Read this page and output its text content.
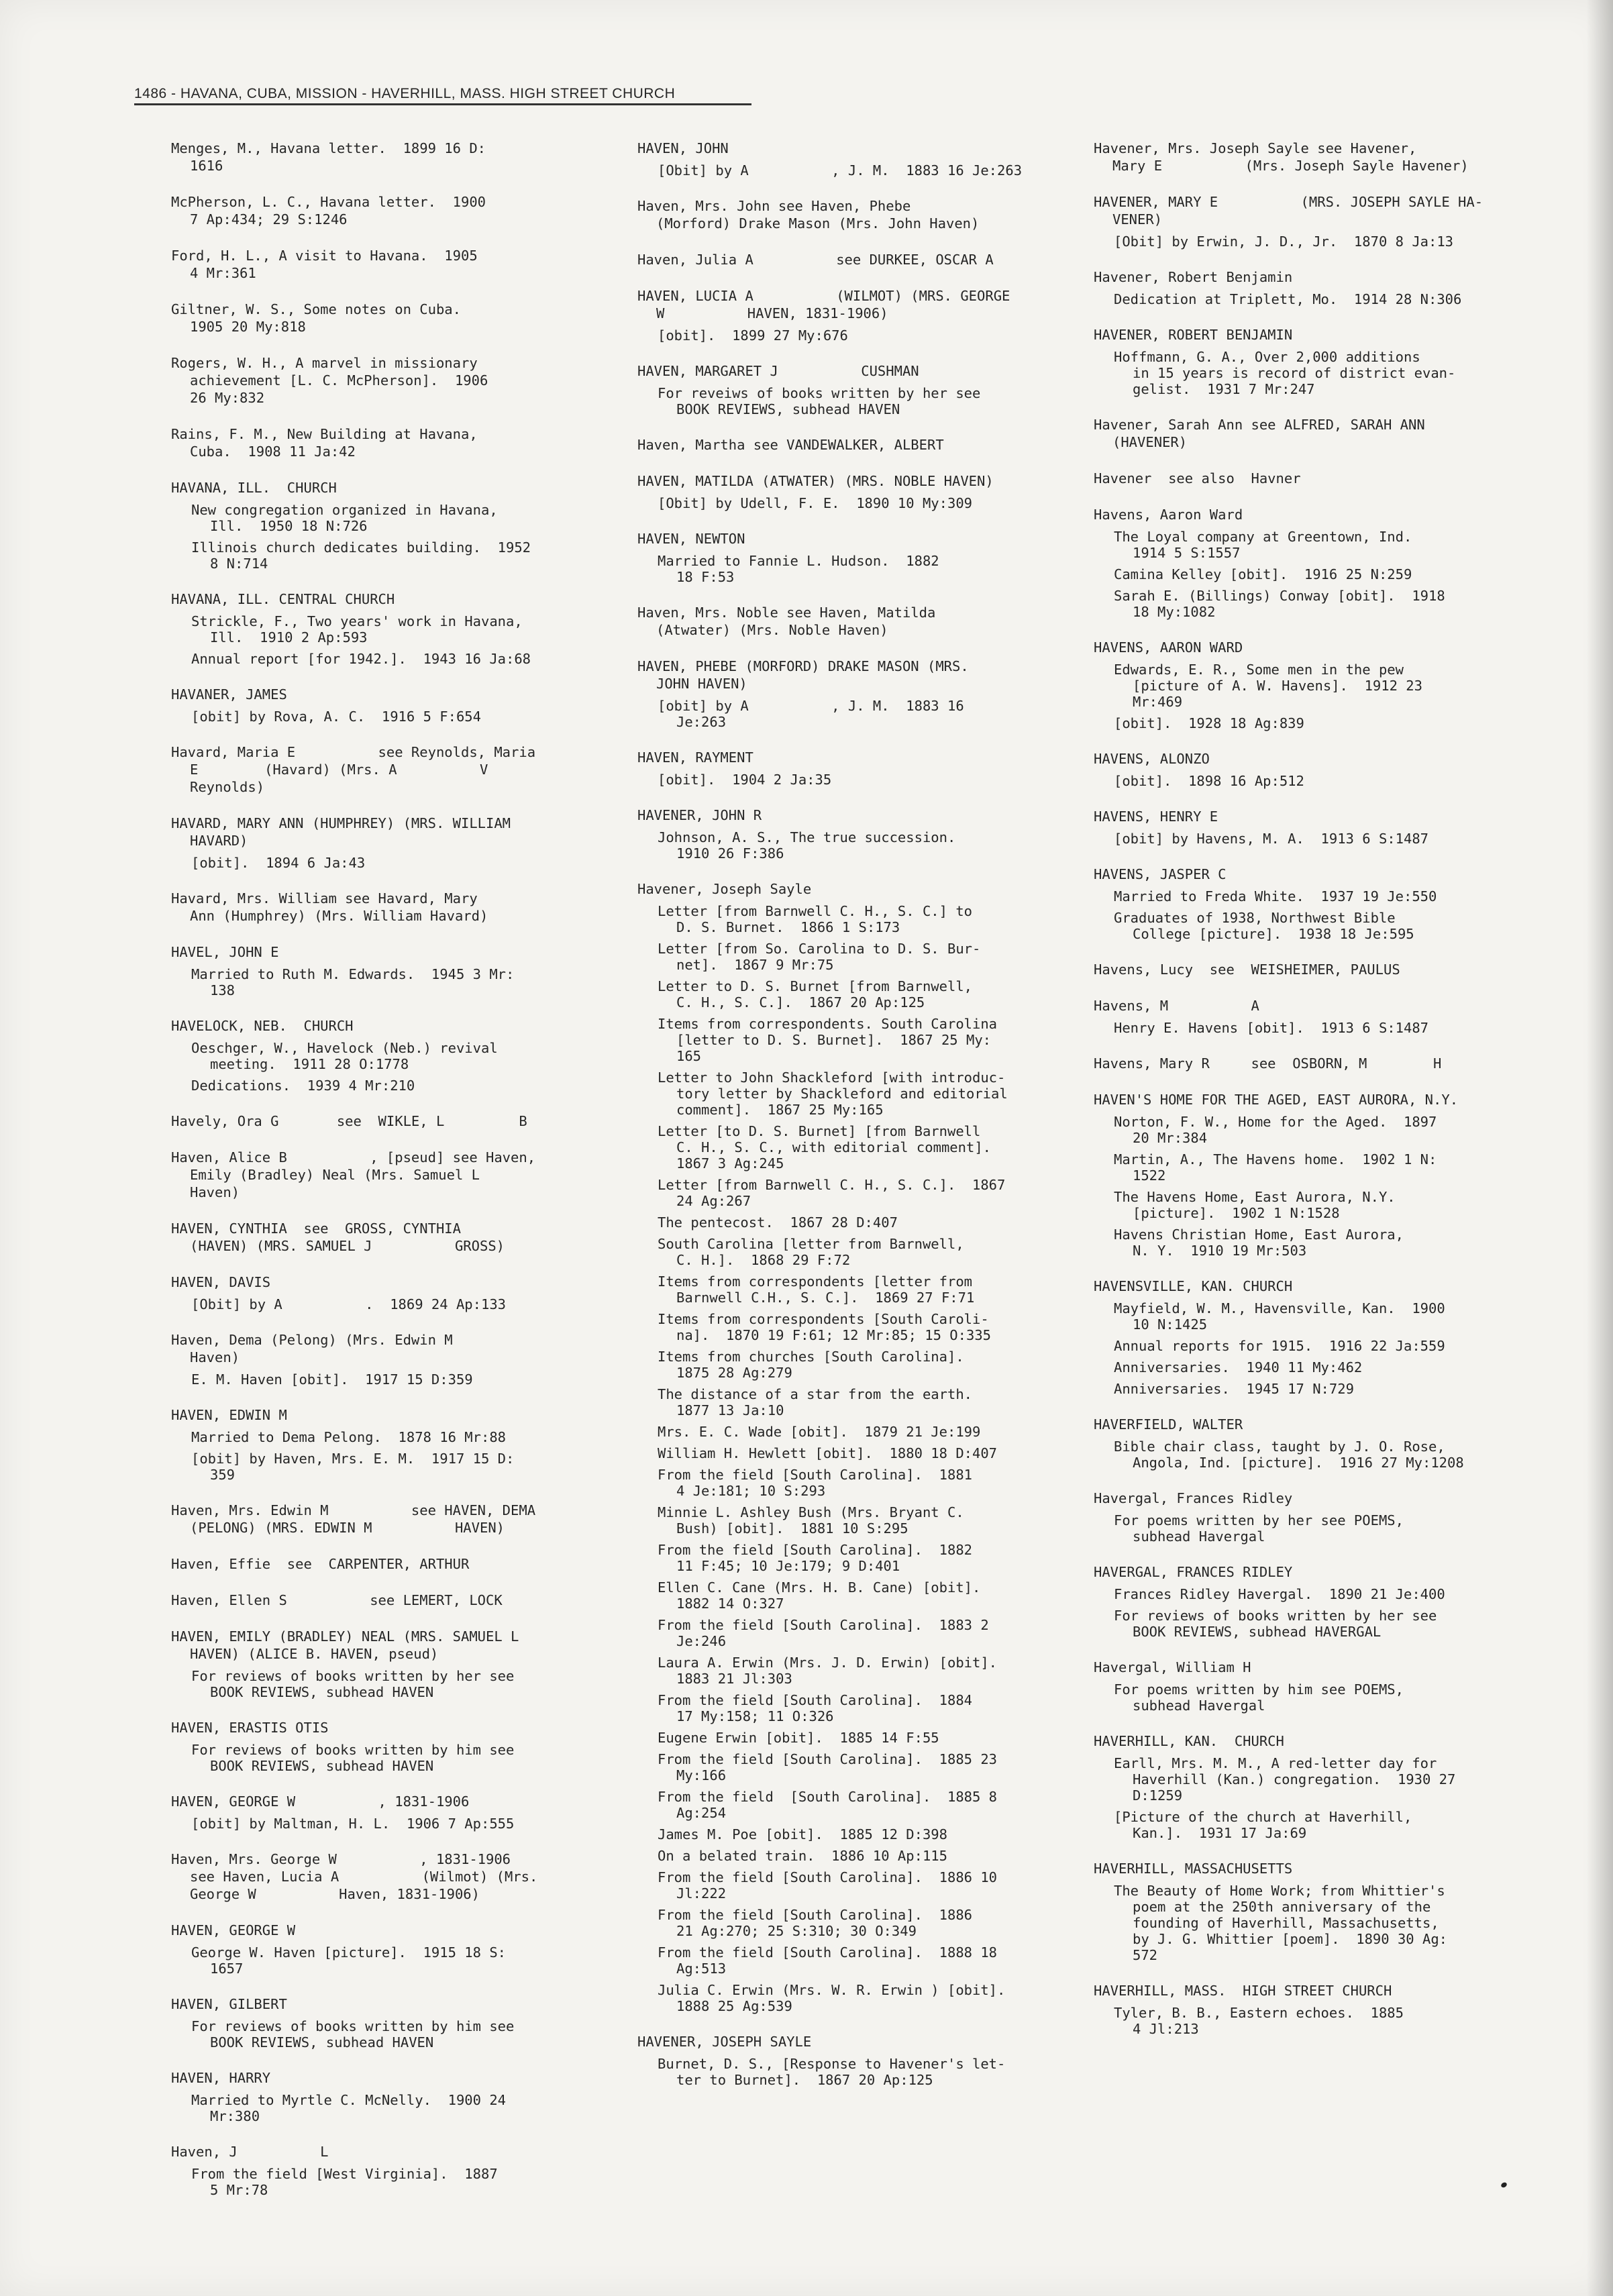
1486 - HAVANA, CUBA, MISSION - HAVERHILL, MASS. HIGH STREET CHURCH
Menges, M., Havana letter.  1899 16 D:

1616
McPherson, L. C., Havana letter.  1900

7 Ap:434; 29 S:1246
Ford, H. L., A visit to Havana.  1905

4 Mr:361
Giltner, W. S., Some notes on Cuba.

1905 20 My:818
Rogers, W. H., A marvel in missionary

achievement [L. C. McPherson].  1906
26 My:832
Rains, F. M., New Building at Havana,

Cuba.  1908 11 Ja:42
HAVANA, ILL.  CHURCH
New congregation organized in Havana,

Ill.  1950 18 N:726
Illinois church dedicates building.  1952

8 N:714
HAVANA, ILL. CENTRAL CHURCH
Strickle, F., Two years' work in Havana,

Ill.  1910 2 Ap:593
Annual report [for 1942.].  1943 16 Ja:68
HAVANER, JAMES
[obit] by Rova, A. C.  1916 5 F:654
Havard, Maria E          see Reynolds, Maria

E        (Havard) (Mrs. A          V
Reynolds)
HAVARD, MARY ANN (HUMPHREY) (MRS. WILLIAM

HAVARD)
[obit].  1894 6 Ja:43
Havard, Mrs. William see Havard, Mary

Ann (Humphrey) (Mrs. William Havard)
HAVEL, JOHN E
Married to Ruth M. Edwards.  1945 3 Mr:

138
HAVELOCK, NEB.  CHURCH
Oeschger, W., Havelock (Neb.) revival

meeting.  1911 28 O:1778
Dedications.  1939 4 Mr:210
Havely, Ora G       see  WIKLE, L         B
Haven, Alice B          , [pseud] see Haven,

Emily (Bradley) Neal (Mrs. Samuel L
Haven)
HAVEN, CYNTHIA  see  GROSS, CYNTHIA

(HAVEN) (MRS. SAMUEL J          GROSS)
HAVEN, DAVIS
[Obit] by A          .  1869 24 Ap:133
Haven, Dema (Pelong) (Mrs. Edwin M

Haven)
E. M. Haven [obit].  1917 15 D:359
HAVEN, EDWIN M
Married to Dema Pelong.  1878 16 Mr:88
[obit] by Haven, Mrs. E. M.  1917 15 D:

359
Haven, Mrs. Edwin M          see HAVEN, DEMA

(PELONG) (MRS. EDWIN M          HAVEN)
Haven, Effie  see  CARPENTER, ARTHUR
Haven, Ellen S          see LEMERT, LOCK
HAVEN, EMILY (BRADLEY) NEAL (MRS. SAMUEL L

HAVEN) (ALICE B. HAVEN, pseud)
For reviews of books written by her see

BOOK REVIEWS, subhead HAVEN
HAVEN, ERASTIS OTIS
For reviews of books written by him see

BOOK REVIEWS, subhead HAVEN
HAVEN, GEORGE W          , 1831-1906
[obit] by Maltman, H. L.  1906 7 Ap:555
Haven, Mrs. George W          , 1831-1906

see Haven, Lucia A          (Wilmot) (Mrs.
George W          Haven, 1831-1906)
HAVEN, GEORGE W
George W. Haven [picture].  1915 18 S:

1657
HAVEN, GILBERT
For reviews of books written by him see

BOOK REVIEWS, subhead HAVEN
HAVEN, HARRY
Married to Myrtle C. McNelly.  1900 24

Mr:380
Haven, J          L
From the field [West Virginia].  1887

5 Mr:78
HAVEN, JOHN
[Obit] by A          , J. M.  1883 16 Je:263
Haven, Mrs. John see Haven, Phebe

(Morford) Drake Mason (Mrs. John Haven)
Haven, Julia A          see DURKEE, OSCAR A
HAVEN, LUCIA A          (WILMOT) (MRS. GEORGE

W          HAVEN, 1831-1906)
[obit].  1899 27 My:676
HAVEN, MARGARET J          CUSHMAN
For reveiws of books written by her see

BOOK REVIEWS, subhead HAVEN
Haven, Martha see VANDEWALKER, ALBERT
HAVEN, MATILDA (ATWATER) (MRS. NOBLE HAVEN)
[Obit] by Udell, F. E.  1890 10 My:309
HAVEN, NEWTON
Married to Fannie L. Hudson.  1882

18 F:53
Haven, Mrs. Noble see Haven, Matilda

(Atwater) (Mrs. Noble Haven)
HAVEN, PHEBE (MORFORD) DRAKE MASON (MRS.

JOHN HAVEN)
[obit] by A          , J. M.  1883 16

Je:263
HAVEN, RAYMENT
[obit].  1904 2 Ja:35
HAVENER, JOHN R
Johnson, A. S., The true succession.

1910 26 F:386
Havener, Joseph Sayle
Letter [from Barnwell C. H., S. C.] to

D. S. Burnet.  1866 1 S:173
Letter [from So. Carolina to D. S. Bur-

net].  1867 9 Mr:75
Letter to D. S. Burnet [from Barnwell,

C. H., S. C.].  1867 20 Ap:125
Items from correspondents. South Carolina

[letter to D. S. Burnet].  1867 25 My:
165
Letter to John Shackleford [with introduc-

tory letter by Shackleford and editorial
comment].  1867 25 My:165
Letter [to D. S. Burnet] [from Barnwell

C. H., S. C., with editorial comment].
1867 3 Ag:245
Letter [from Barnwell C. H., S. C.].  1867

24 Ag:267
The pentecost.  1867 28 D:407
South Carolina [letter from Barnwell,

C. H.].  1868 29 F:72
Items from correspondents [letter from

Barnwell C.H., S. C.].  1869 27 F:71
Items from correspondents [South Caroli-

na].  1870 19 F:61; 12 Mr:85; 15 O:335
Items from churches [South Carolina].

1875 28 Ag:279
The distance of a star from the earth.

1877 13 Ja:10
Mrs. E. C. Wade [obit].  1879 21 Je:199
William H. Hewlett [obit].  1880 18 D:407
From the field [South Carolina].  1881

4 Je:181; 10 S:293
Minnie L. Ashley Bush (Mrs. Bryant C.

Bush) [obit].  1881 10 S:295
From the field [South Carolina].  1882

11 F:45; 10 Je:179; 9 D:401
Ellen C. Cane (Mrs. H. B. Cane) [obit].

1882 14 O:327
From the field [South Carolina].  1883 2

Je:246
Laura A. Erwin (Mrs. J. D. Erwin) [obit].

1883 21 Jl:303
From the field [South Carolina].  1884

17 My:158; 11 O:326
Eugene Erwin [obit].  1885 14 F:55
From the field [South Carolina].  1885 23

My:166
From the field  [South Carolina].  1885 8

Ag:254
James M. Poe [obit].  1885 12 D:398
On a belated train.  1886 10 Ap:115
From the field [South Carolina].  1886 10

Jl:222
From the field [South Carolina].  1886

21 Ag:270; 25 S:310; 30 O:349
From the field [South Carolina].  1888 18

Ag:513
Julia C. Erwin (Mrs. W. R. Erwin ) [obit].

1888 25 Ag:539
HAVENER, JOSEPH SAYLE
Burnet, D. S., [Response to Havener's let-

ter to Burnet].  1867 20 Ap:125
Havener, Mrs. Joseph Sayle see Havener,

Mary E          (Mrs. Joseph Sayle Havener)
HAVENER, MARY E          (MRS. JOSEPH SAYLE HA-

VENER)
[Obit] by Erwin, J. D., Jr.  1870 8 Ja:13
Havener, Robert Benjamin
Dedication at Triplett, Mo.  1914 28 N:306
HAVENER, ROBERT BENJAMIN
Hoffmann, G. A., Over 2,000 additions

in 15 years is record of district evan-
gelist.  1931 7 Mr:247
Havener, Sarah Ann see ALFRED, SARAH ANN

(HAVENER)
Havener  see also  Havner
Havens, Aaron Ward
The Loyal company at Greentown, Ind.

1914 5 S:1557
Camina Kelley [obit].  1916 25 N:259
Sarah E. (Billings) Conway [obit].  1918

18 My:1082
HAVENS, AARON WARD
Edwards, E. R., Some men in the pew

[picture of A. W. Havens].  1912 23
Mr:469
[obit].  1928 18 Ag:839
HAVENS, ALONZO
[obit].  1898 16 Ap:512
HAVENS, HENRY E
[obit] by Havens, M. A.  1913 6 S:1487
HAVENS, JASPER C
Married to Freda White.  1937 19 Je:550
Graduates of 1938, Northwest Bible

College [picture].  1938 18 Je:595
Havens, Lucy  see  WEISHEIMER, PAULUS
Havens, M          A
Henry E. Havens [obit].  1913 6 S:1487
Havens, Mary R     see  OSBORN, M        H
HAVEN'S HOME FOR THE AGED, EAST AURORA, N.Y.
Norton, F. W., Home for the Aged.  1897

20 Mr:384
Martin, A., The Havens home.  1902 1 N:

1522
The Havens Home, East Aurora, N.Y.

[picture].  1902 1 N:1528
Havens Christian Home, East Aurora,

N. Y.  1910 19 Mr:503
HAVENSVILLE, KAN. CHURCH
Mayfield, W. M., Havensville, Kan.  1900

10 N:1425
Annual reports for 1915.  1916 22 Ja:559
Anniversaries.  1940 11 My:462
Anniversaries.  1945 17 N:729
HAVERFIELD, WALTER
Bible chair class, taught by J. O. Rose,

Angola, Ind. [picture].  1916 27 My:1208
Havergal, Frances Ridley
For poems written by her see POEMS,

subhead Havergal
HAVERGAL, FRANCES RIDLEY
Frances Ridley Havergal.  1890 21 Je:400
For reviews of books written by her see

BOOK REVIEWS, subhead HAVERGAL
Havergal, William H
For poems written by him see POEMS,

subhead Havergal
HAVERHILL, KAN.  CHURCH
Earll, Mrs. M. M., A red-letter day for

Haverhill (Kan.) congregation.  1930 27
D:1259
[Picture of the church at Haverhill,

Kan.].  1931 17 Ja:69
HAVERHILL, MASSACHUSETTS
The Beauty of Home Work; from Whittier's

poem at the 250th anniversary of the
founding of Haverhill, Massachusetts,
by J. G. Whittier [poem].  1890 30 Ag:
572
HAVERHILL, MASS.  HIGH STREET CHURCH
Tyler, B. B., Eastern echoes.  1885

4 Jl:213
